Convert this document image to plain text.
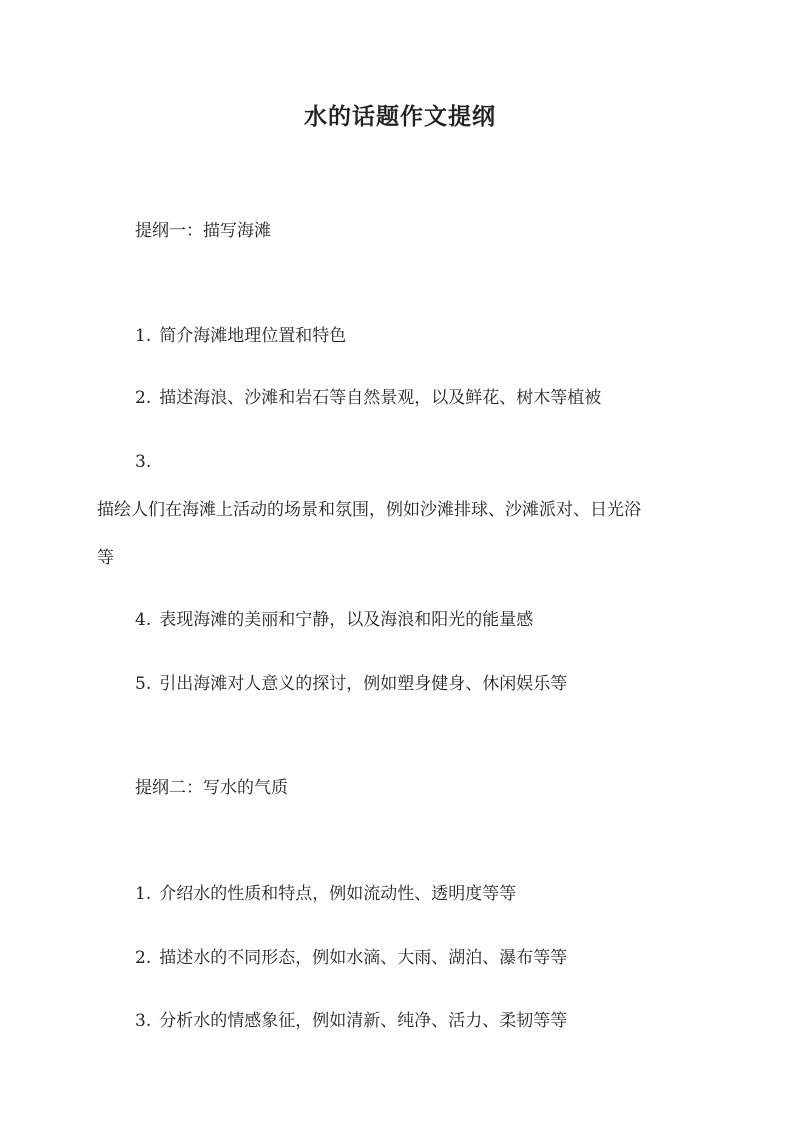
水的话题作文提纲
提纲一：描写海滩
1. 简介海滩地理位置和特色
2. 描述海浪、沙滩和岩石等自然景观，以及鲜花、树木等植被
3.
描绘人们在海滩上活动的场景和氛围，例如沙滩排球、沙滩派对、日光浴
等
4. 表现海滩的美丽和宁静，以及海浪和阳光的能量感
5. 引出海滩对人意义的探讨，例如塑身健身、休闲娱乐等
提纲二：写水的气质
1. 介绍水的性质和特点，例如流动性、透明度等等
2. 描述水的不同形态，例如水滴、大雨、湖泊、瀑布等等
3. 分析水的情感象征，例如清新、纯净、活力、柔韧等等
